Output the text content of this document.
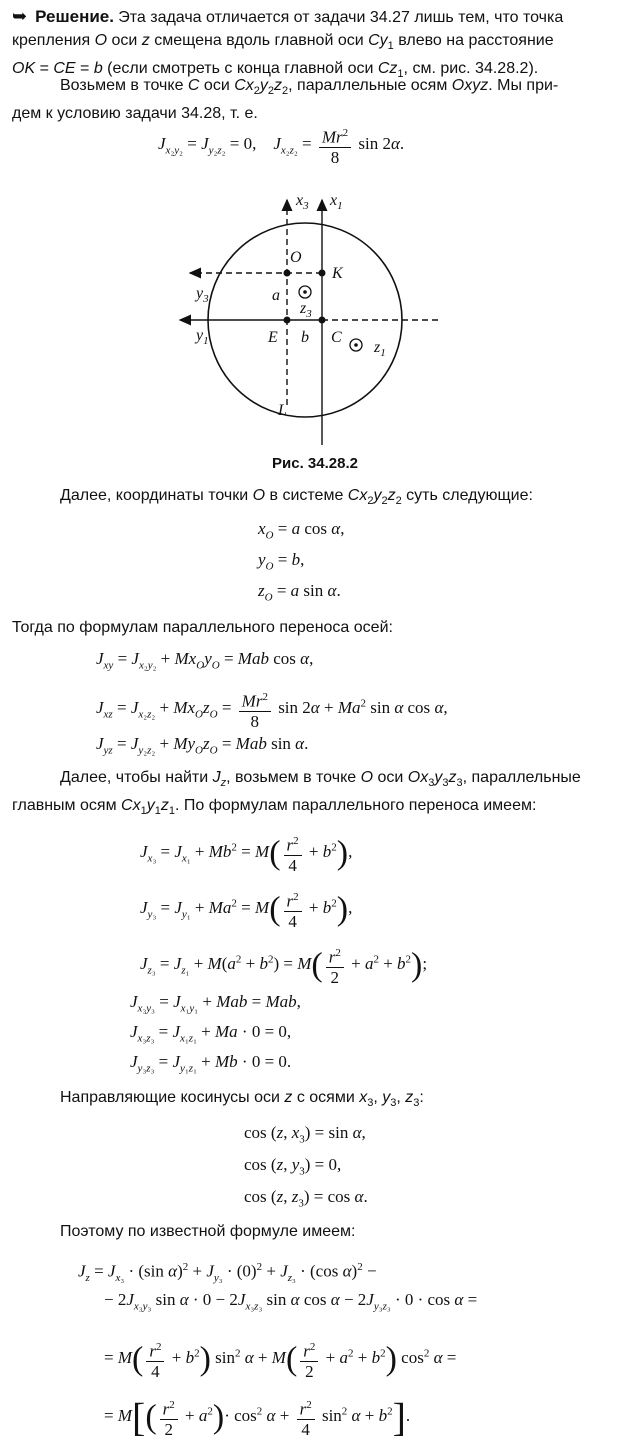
➥ Решение. Эта задача отличается от задачи 34.27 лишь тем, что точка
крепления O оси z смещена вдоль главной оси $Cy_1$ влево на расстояние
OK = CE = b (если смотреть с конца главной оси $Cz_1$, см. рис. 34.28.2).

Возьмем в точке C оси $Cx_2y_2z_2$, параллельные осям Oxyz. Мы при-
дем к условию задачи 34.28, т. е.

$J_{x_2y_2} = J_{y_2z_2} = 0$,    $J_{x_2z_2} = \frac{Mr^2}{8}$ sin 2α.
$x_3$ $x_1$
O
K
$y_3$	a
$z_3$
$y_1$	E b C
$z_1$
L
Рис. 34.28.2

Далее, координаты точки O в системе $Cx_2y_2z_2$ суть следующие:

$x_O = a$ cos α,
$y_O = b$,
$z_O = a$ sin α.

Тогда по формулам параллельного переноса осей:

$J_{xy} = J_{x_2y_2} + Mx_Oy_O$ = Mab cos α,
$J_{xz} = J_{x_2z_2} + Mx_Oz_O = \frac{Mr^2}{8}$ $\sin 2\alpha + Ma^2$ sin α cos α,
$J_{yz} = J_{y_2z_2} + My_Oz_O$ = Mab sin α.

Далее, чтобы найти $J_z$, возьмем в точке O оси $Ox_3y_3z_3$, параллельные
главным осям $Cx_1y_1z_1$. По формулам параллельного переноса имеем:

$J_{x_3} = J_{x_1} + Mb^2 = M( \frac{r^2}{4} + b^2)$,
$J_{y_3} = J_{y_1} + Ma^2 = M( \frac{r^2}{4} + b^2)$,
$J_{z_3} = J_{z_1} + M(a^2 + b^2) = M( \frac{r^2}{2} + a^2 + b^2)$;
$J_{x_3y_3} = J_{x_1y_1}$ + Mab = Mab,
$J_{x_3z_3} = J_{x_1z_1} + Ma \cdot 0 = 0$,
$J_{y_3z_3} = J_{y_1z_1} + Mb \cdot 0 = 0$.

Направляющие косинусы оси z с осями $x_3$, $y_3$, $z_3$:

cos (z, $x_3) = \sin \alpha$,
cos (z, $y_3) = 0$,
cos (z, $z_3) = \cos \alpha$.

Поэтому по известной формуле имеем:

$J_z = J_{x_3} \cdot (\sin$ $\alpha)^2 + J_{y_3} \cdot (0)^2 + J_{z_3} \cdot (\cos$ α)$^2$ −
− $2J_{x_3y_3}$ $\sin \alpha \cdot 0 - 2J_{x_3z_3}$ sin α $\cos \alpha - 2J_{y_3z_3} \cdot 0 \cdot \cos \alpha$ =
= $M( \frac{r^2}{4} + b^2)$ $\sin^2 \alpha + M( \frac{r^2}{2} + a^2 + b^2)$ $\cos^2 \alpha$ =
= $M[( \frac{r^2}{2} + a^2)\cdot \cos^2 \alpha + \frac{r^2}{4} \sin^2 \alpha + b^2]$.
